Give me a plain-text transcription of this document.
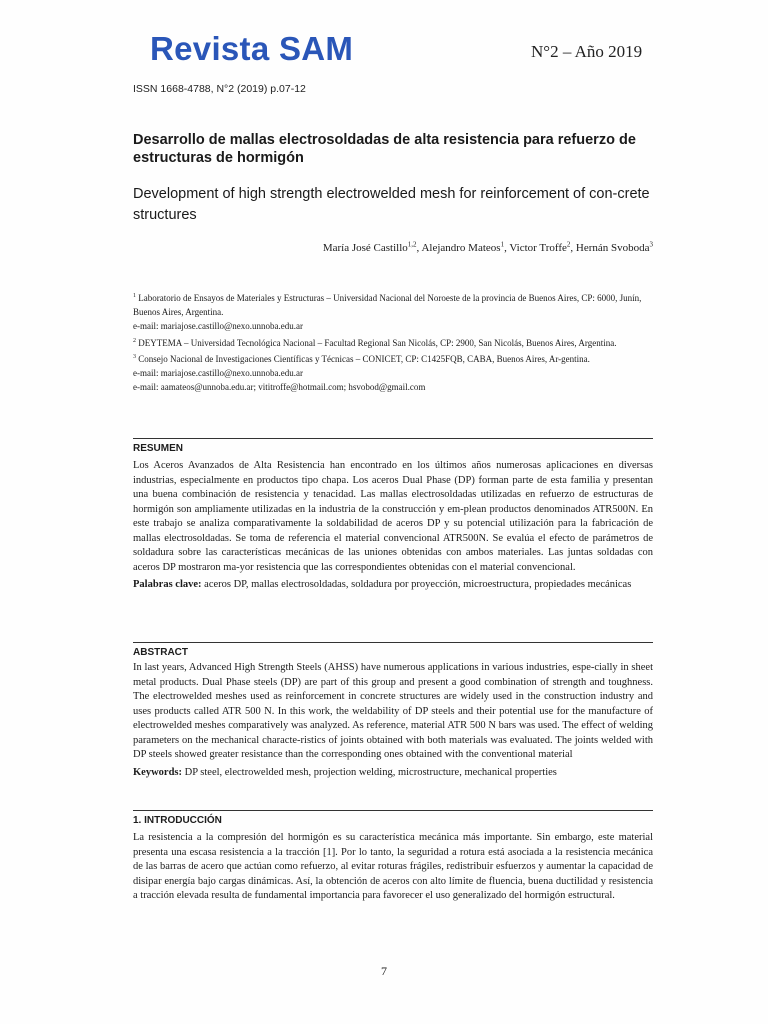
Revista SAM	N°2 – Año 2019
ISSN 1668-4788, N°2 (2019) p.07-12
Desarrollo de mallas electrosoldadas de alta resistencia para refuerzo de estructuras de hormigón
Development of high strength electrowelded mesh for reinforcement of con-crete structures
María José Castillo$^{1,2}$, Alejandro Mateos$^1$, Victor Troffe$^2$, Hernán Svoboda$^3$

$^1$ Laboratorio de Ensayos de Materiales y Estructuras – Universidad Nacional del Noroeste de la provincia de Buenos Aires, CP: 6000, Junín, Buenos Aires, Argentina.

e-mail: mariajose.castillo@nexo.unnoba.edu.ar

$^2$ DEYTEMA – Universidad Tecnológica Nacional – Facultad Regional San Nicolás, CP: 2900, San Nicolás, Buenos Aires, Argentina.

$^3$ Consejo Nacional de Investigaciones Científicas y Técnicas – CONICET, CP: C1425FQB, CABA, Buenos Aires, Ar-gentina.

e-mail: mariajose.castillo@nexo.unnoba.edu.ar

e-mail: aamateos@unnoba.edu.ar; vititroffe@hotmail.com; hsvobod@gmail.com

RESUMEN

Los Aceros Avanzados de Alta Resistencia han encontrado en los últimos años numerosas aplicaciones en diversas industrias, especialmente en productos tipo chapa. Los aceros Dual Phase (DP) forman parte de esta familia y presentan una buena combinación de resistencia y tenacidad. Las mallas electrosoldadas utilizadas en refuerzo de estructuras de hormigón son ampliamente utilizadas en la industria de la construcción y em-plean productos denominados ATR500N. En este trabajo se analiza comparativamente la soldabilidad de aceros DP y su potencial utilización para la fabricación de mallas electrosoldadas. Se toma de referencia el material convencional ATR500N. Se evalúa el efecto de parámetros de soldadura sobre las características mecánicas de las uniones obtenidas con ambos materiales. Las juntas soldadas con aceros DP mostraron ma-yor resistencia que las correspondientes obtenidas con el material convencional.

Palabras clave: aceros DP, mallas electrosoldadas, soldadura por proyección, microestructura, propiedades mecánicas
ABSTRACT

In last years, Advanced High Strength Steels (AHSS) have numerous applications in various industries, espe-cially in sheet metal products. Dual Phase steels (DP) are part of this group and present a good combination of strength and toughness. The electrowelded meshes used as reinforcement in concrete structures are widely used in the construction industry and uses products called ATR 500 N. In this work, the weldability of DP steels and their potential use for the manufacture of electrowelded meshes comparatively was analyzed. As reference, material ATR 500 N bars was used. The effect of welding parameters on the mechanical characte-ristics of joints obtained with both materials was evaluated. The joints welded with DP steels showed greater resistance than the corresponding ones obtained with the conventional material

Keywords: DP steel, electrowelded mesh, projection welding, microstructure, mechanical properties
1. INTRODUCCIÓN

La resistencia a la compresión del hormigón es su característica mecánica más importante. Sin embargo, este material presenta una escasa resistencia a la tracción [1]. Por lo tanto, la seguridad a rotura está asociada a la resistencia mecánica de las barras de acero que actúan como refuerzo, al evitar roturas frágiles, redistribuir esfuerzos y aumentar la capacidad de disipar energía bajo cargas dinámicas. Así, la obtención de aceros con alto límite de fluencia, buena ductilidad y resistencia a tracción elevada resulta de fundamental importancia para favorecer el uso generalizado del hormigón estructural.

7
